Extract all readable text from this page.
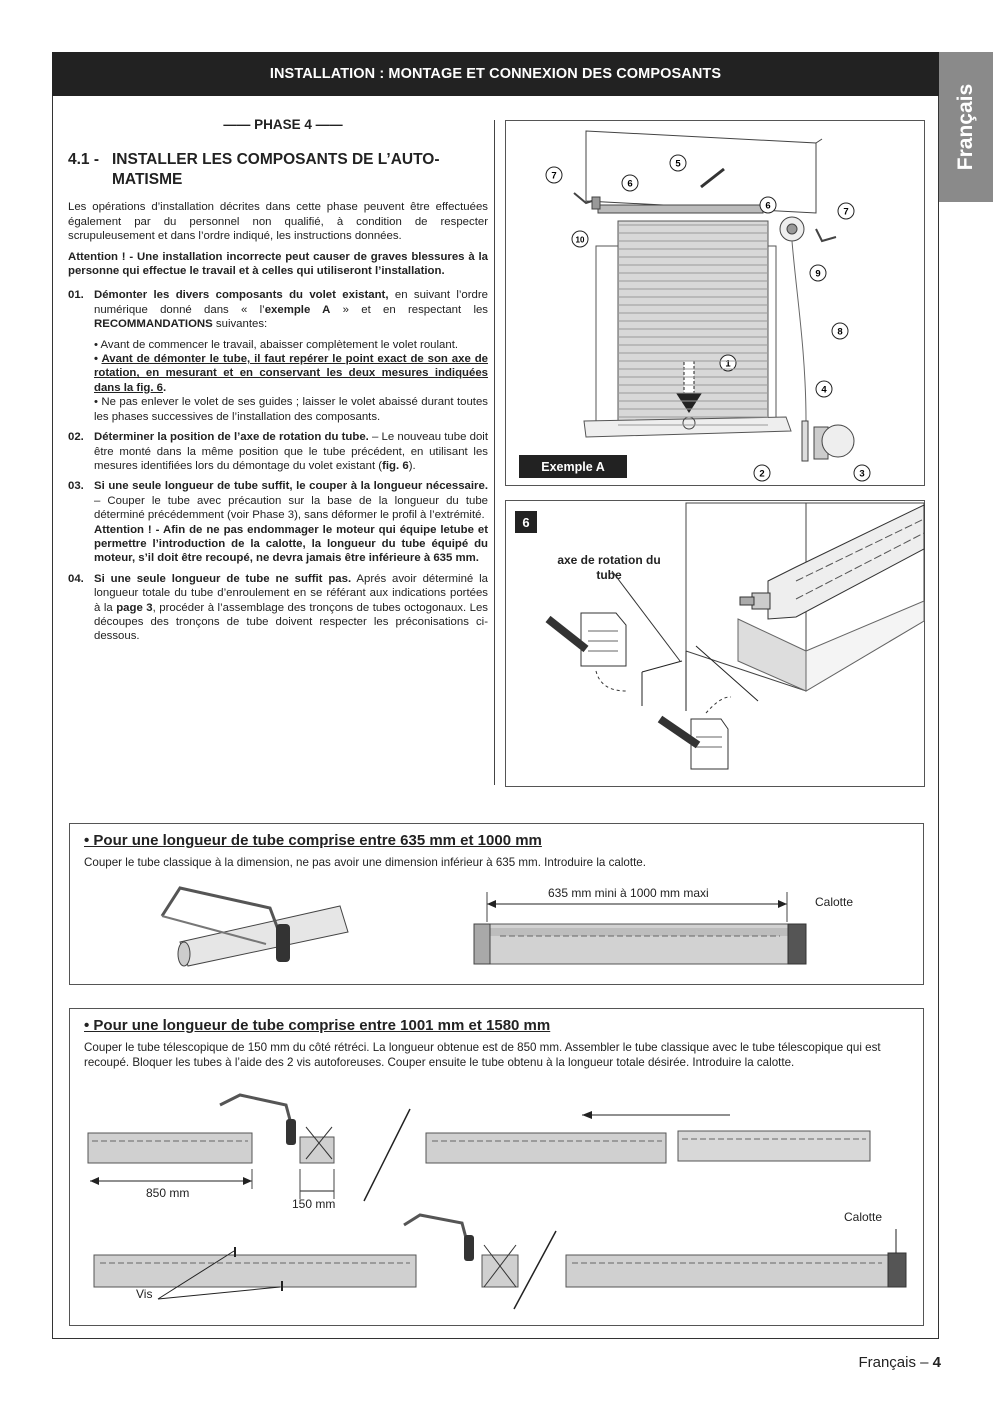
INSTALLATION : MONTAGE ET CONNEXION DES COMPOSANTS
Français
—— PHASE 4 ——
4.1 - INSTALLER LES COMPOSANTS DE L’AUTO-MATISME
Les opérations d’installation décrites dans cette phase peuvent être effectuées également par du personnel non qualifié, à condition de respecter scrupuleusement et dans l’ordre indiqué, les instructions données.
Attention ! - Une installation incorrecte peut causer de graves blessures à la personne qui effectue le travail et à celles qui utiliseront l’installation.
01. Démonter les divers composants du volet existant, en suivant l’ordre numérique donné dans « l’exemple A » et en respectant les RECOMMANDATIONS suivantes:
• Avant de commencer le travail, abaisser complètement le volet roulant.
• Avant de démonter le tube, il faut repérer le point exact de son axe de rotation, en mesurant et en conservant les deux mesures indiquées dans la fig. 6.
• Ne pas enlever le volet de ses guides ; laisser le volet abaissé durant toutes les phases successives de l’installation des composants.
02. Déterminer la position de l’axe de rotation du tube. – Le nouveau tube doit être monté dans la même position que le tube précédent, en utilisant les mesures identifiées lors du démontage du volet existant (fig. 6).
03. Si une seule longueur de tube suffit, le couper à la longueur nécessaire. – Couper le tube avec précaution sur la base de la longueur du tube déterminé précédemment (voir Phase 3), sans déformer le profil à l’extrémité.
Attention ! - Afin de ne pas endommager le moteur qui équipe letube et permettre l’introduction de la calotte, la longueur du tube équipé du moteur, s’il doit être recoupé, ne devra jamais être inférieure à 635 mm.
04. Si une seule longueur de tube ne suffit pas. Aprés avoir déterminé la longueur totale du tube d’enroulement en se référant aux indications portées à la page 3, procéder à l’assemblage des tronçons de tubes octogonaux. Les découpes des tronçons de tube doivent respecter les préconisations ci-dessous.
1
2	3
4
5
6
6
7
7
8
9
10
Exemple A
6
axe de rotation du tube
• Pour une longueur de tube comprise entre 635 mm et 1000 mm
Couper le tube classique à la dimension, ne pas avoir une dimension inférieur à 635 mm. Introduire la calotte.
635 mm mini à 1000 mm maxi
Calotte
• Pour une longueur de tube comprise entre 1001 mm et 1580 mm
Couper le tube télescopique de 150 mm du côté rétréci. La longueur obtenue est de 850 mm. Assembler le tube classique avec le tube télescopique qui est recoupé. Bloquer les tubes à l’aide des 2 vis autoforeuses. Couper ensuite le tube obtenu à la longueur totale désirée. Introduire la calotte.
850 mm
150 mm
Calotte
Vis
Français – 4
